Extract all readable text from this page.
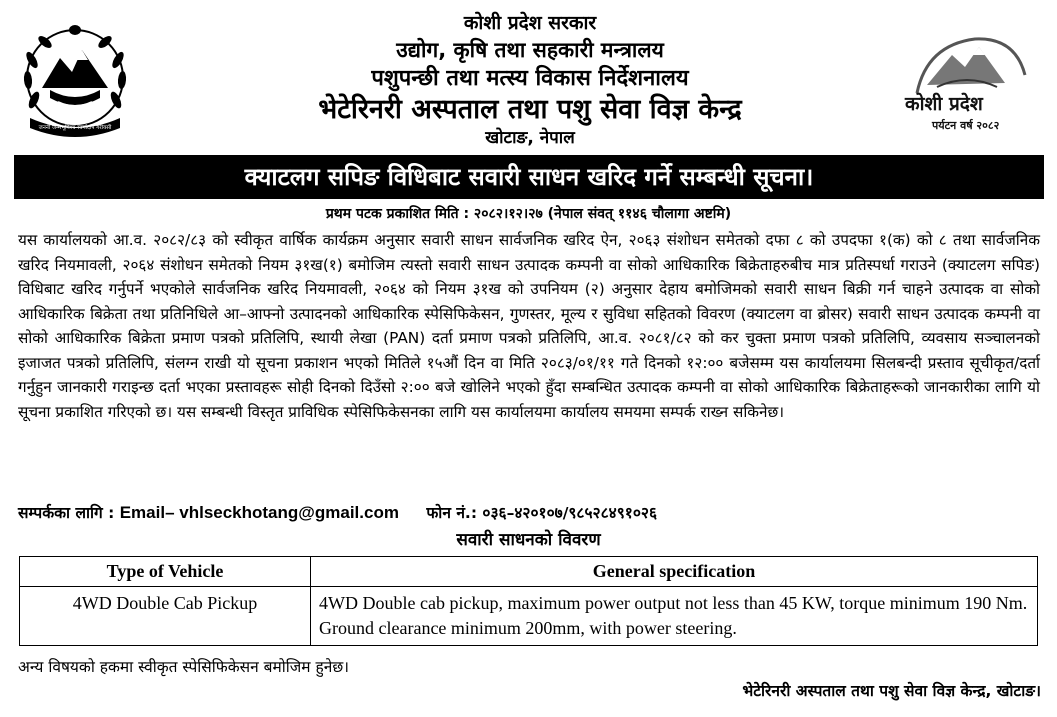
जननी जन्मभूमिश्च स्वर्गादपि गरीयसी
कोशी प्रदेश सरकार
उद्योग, कृषि तथा सहकारी मन्त्रालय
पशुपन्छी तथा मत्स्य विकास निर्देशनालय
भेटेरिनरी अस्पताल तथा पशु सेवा विज्ञ केन्द्र
खोटाङ, नेपाल
कोशी प्रदेश
पर्यटन वर्ष २०८२
क्याटलग सपिङ विधिबाट सवारी साधन खरिद गर्ने सम्बन्धी सूचना।
प्रथम पटक प्रकाशित मिति : २०८२।१२।२७ (नेपाल संवत् ११४६ चौलागा अष्टमि)
यस कार्यालयको आ.व. २०८२/८३ को स्वीकृत वार्षिक कार्यक्रम अनुसार सवारी साधन सार्वजनिक खरिद ऐन, २०६३ संशोधन समेतको दफा ८ को उपदफा १(क) को ८ तथा सार्वजनिक खरिद नियमावली, २०६४ संशोधन समेतको नियम ३१ख(१) बमोजिम त्यस्तो सवारी साधन उत्पादक कम्पनी वा सोको आधिकारिक बिक्रेताहरुबीच मात्र प्रतिस्पर्धा गराउने (क्याटलग सपिङ) विधिबाट खरिद गर्नुपर्ने भएकोले सार्वजनिक खरिद नियमावली, २०६४ को नियम ३१ख को उपनियम (२) अनुसार देहाय बमोजिमको सवारी साधन बिक्री गर्न चाहने उत्पादक वा सोको आधिकारिक बिक्रेता तथा प्रतिनिधिले आ–आफ्नो उत्पादनको आधिकारिक स्पेसिफिकेसन, गुणस्तर, मूल्य र सुविधा सहितको विवरण (क्याटलग वा ब्रोसर) सवारी साधन उत्पादक कम्पनी वा सोको आधिकारिक बिक्रेता प्रमाण पत्रको प्रतिलिपि, स्थायी लेखा (PAN) दर्ता प्रमाण पत्रको प्रतिलिपि, आ.व. २०८१/८२ को कर चुक्ता प्रमाण पत्रको प्रतिलिपि, व्यवसाय सञ्चालनको इजाजत पत्रको प्रतिलिपि, संलग्न राखी यो सूचना प्रकाशन भएको मितिले १५औं दिन वा मिति २०८३/०१/११ गते दिनको १२:०० बजेसम्म यस कार्यालयमा सिलबन्दी प्रस्ताव सूचीकृत/दर्ता गर्नुहुन जानकारी गराइन्छ दर्ता भएका प्रस्तावहरू सोही दिनको दिउँसो २:०० बजे खोलिने भएको हुँदा सम्बन्धित उत्पादक कम्पनी वा सोको आधिकारिक बिक्रेताहरूको जानकारीका लागि यो सूचना प्रकाशित गरिएको छ। यस सम्बन्धी विस्तृत प्राविधिक स्पेसिफिकेसनका लागि यस कार्यालयमा कार्यालय समयमा सम्पर्क राख्न सकिनेछ।
सम्पर्कका लागि : Email– vhlseckhotang@gmail.com फोन नं.: ०३६–४२०१०७/९८५२८४९१०२६
सवारी साधनको विवरण
Type of Vehicle	General specification
4WD Double Cab Pickup	4WD Double cab pickup, maximum power output not less than 45 KW, torque minimum 190 Nm. Ground clearance minimum 200mm, with power steering.
अन्य विषयको हकमा स्वीकृत स्पेसिफिकेसन बमोजिम हुनेछ।
भेटेरिनरी अस्पताल तथा पशु सेवा विज्ञ केन्द्र, खोटाङ।
